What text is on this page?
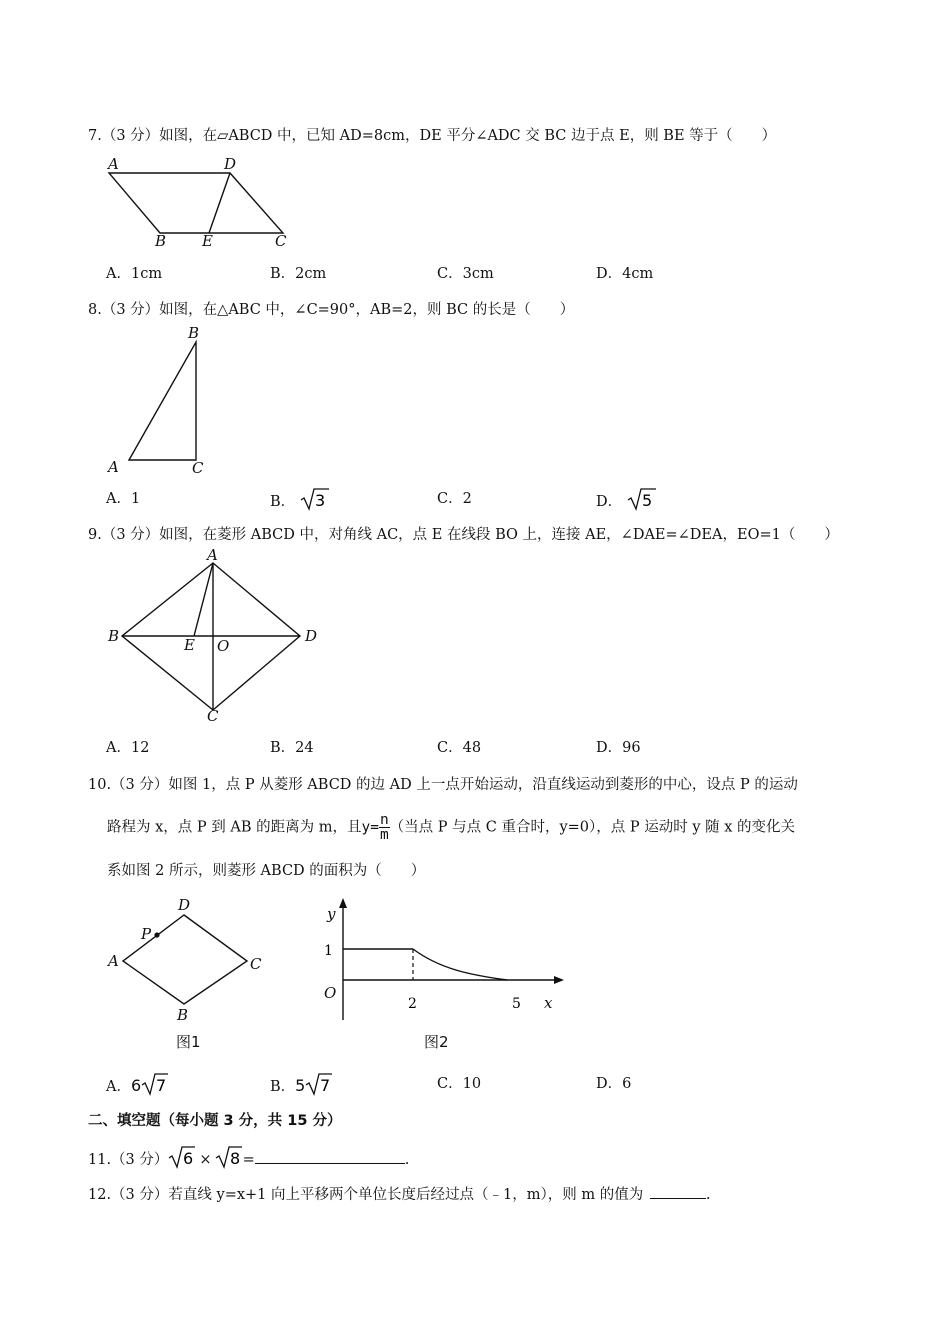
7.（3 分）如图，在▱ABCD 中，已知 AD=8cm，DE 平分∠ADC 交 BC 边于点 E，则 BE 等于（　　）
A	D
B E	C
A．1cm	B．2cm	C．3cm	D．4cm
8.（3 分）如图，在△ABC 中，∠C=90°，AB=2，则 BC 的长是（　　）
B
A	C
A．1	B． 3	C．2	D． 5
9.（3 分）如图，在菱形 ABCD 中，对角线 AC，点 E 在线段 BO 上，连接 AE，∠DAE=∠DEA，EO=1（　　）
A
B	E O
D
C
A．12	B．24	C．48	D．96
10.（3 分）如图 1，点 P 从菱形 ABCD 的边 AD 上一点开始运动，沿直线运动到菱形的中心，设点 P 的运动
路程为 x，点 P 到 AB 的距离为 m，且$y= \frac{n}{m}$ （当点 P 与点 C 重合时，y=0），点 P 运动时 y 随 x 的变化关
系如图 2 所示，则菱形 ABCD 的面积为（　　）
D
P
A	C
B
图1
y
1
O
2	5 x
图2
A．6 7	B．5 7	C．10	D．6
二、填空题（每小题 3 分，共 15 分）
11.（3 分） 6 × 8 =	.
12.（3 分）若直线 y=x+1 向上平移两个单位长度后经过点（﹣1，m），则 m 的值为	.
